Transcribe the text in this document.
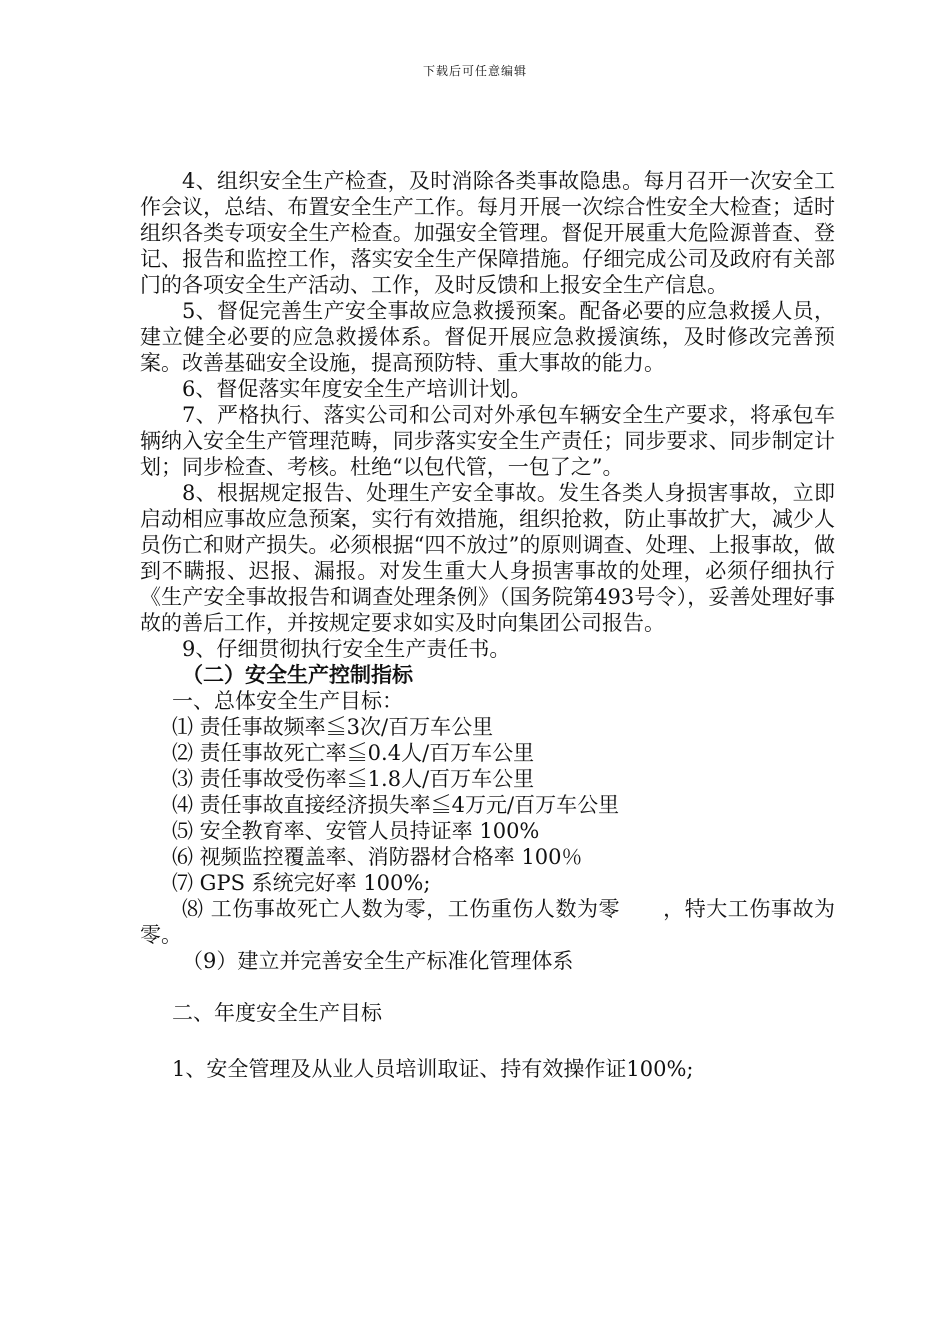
下载后可任意编辑

4、组织安全生产检查，及时消除各类事故隐患。每月召开一次安全工作会议，总结、布置安全生产工作。每月开展一次综合性安全大检查；适时组织各类专项安全生产检查。加强安全管理。督促开展重大危险源普查、登记、报告和监控工作，落实安全生产保障措施。仔细完成公司及政府有关部门的各项安全生产活动、工作，及时反馈和上报安全生产信息。

5、督促完善生产安全事故应急救援预案。配备必要的应急救援人员，建立健全必要的应急救援体系。督促开展应急救援演练，及时修改完善预案。改善基础安全设施，提高预防特、重大事故的能力。

6、督促落实年度安全生产培训计划。

7、严格执行、落实公司和公司对外承包车辆安全生产要求，将承包车辆纳入安全生产管理范畴，同步落实安全生产责任；同步要求、同步制定计划；同步检查、考核。杜绝“以包代管，一包了之”。

8、根据规定报告、处理生产安全事故。发生各类人身损害事故，立即启动相应事故应急预案，实行有效措施，组织抢救，防止事故扩大，减少人员伤亡和财产损失。必须根据“四不放过”的原则调查、处理、上报事故，做到不瞒报、迟报、漏报。对发生重大人身损害事故的处理，必须仔细执行《生产安全事故报告和调查处理条例》（国务院第493号令），妥善处理好事故的善后工作，并按规定要求如实及时向集团公司报告。

9、仔细贯彻执行安全生产责任书。

（二）安全生产控制指标

一、总体安全生产目标：

⑴ 责任事故频率≦3次/百万车公里

⑵ 责任事故死亡率≦0.4人/百万车公里

⑶ 责任事故受伤率≦1.8人/百万车公里

⑷ 责任事故直接经济损失率≦4万元/百万车公里

⑸ 安全教育率、安管人员持证率 100%

⑹ 视频监控覆盖率、消防器材合格率 100％

⑺ GPS 系统完好率 100%;

⑻ 工伤事故死亡人数为零，工伤重伤人数为零　　，特大工伤事故为零。

（9）建立并完善安全生产标准化管理体系

二、年度安全生产目标

1、安全管理及从业人员培训取证、持有效操作证100%;
